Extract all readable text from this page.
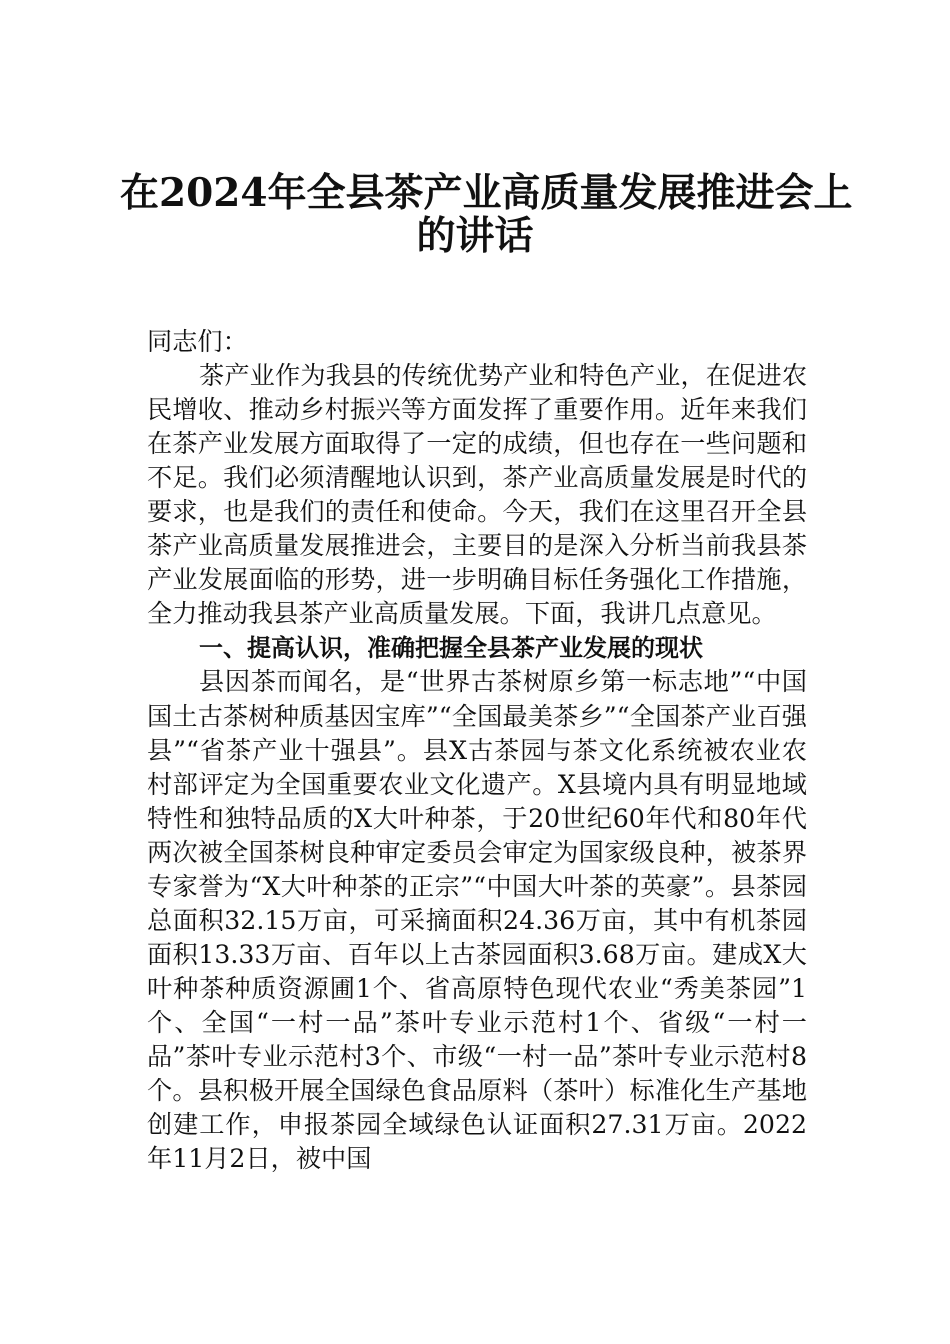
在2024年全县茶产业高质量发展推进会上
的讲话

同志们：

茶产业作为我县的传统优势产业和特色产业，在促进农民增收、推动乡村振兴等方面发挥了重要作用。近年来我们在茶产业发展方面取得了一定的成绩，但也存在一些问题和不足。我们必须清醒地认识到，茶产业高质量发展是时代的要求，也是我们的责任和使命。今天，我们在这里召开全县茶产业高质量发展推进会，主要目的是深入分析当前我县茶产业发展面临的形势，进一步明确目标任务强化工作措施，全力推动我县茶产业高质量发展。下面，我讲几点意见。

一、提高认识，准确把握全县茶产业发展的现状

县因茶而闻名，是“世界古茶树原乡第一标志地”“中国国土古茶树种质基因宝库”“全国最美茶乡”“全国茶产业百强县”“省茶产业十强县”。县X古茶园与茶文化系统被农业农村部评定为全国重要农业文化遗产。X县境内具有明显地域特性和独特品质的X大叶种茶，于20世纪60年代和80年代两次被全国茶树良种审定委员会审定为国家级良种，被茶界专家誉为“X大叶种茶的正宗”“中国大叶茶的英豪”。县茶园总面积32.15万亩，可采摘面积24.36万亩，其中有机茶园面积13.33万亩、百年以上古茶园面积3.68万亩。建成X大叶种茶种质资源圃1个、省高原特色现代农业“秀美茶园”1个、全国“一村一品”茶叶专业示范村1个、省级“一村一品”茶叶专业示范村3个、市级“一村一品”茶叶专业示范村8个。县积极开展全国绿色食品原料（茶叶）标准化生产基地创建工作，申报茶园全域绿色认证面积27.31万亩。2022年11月2日，被中国
